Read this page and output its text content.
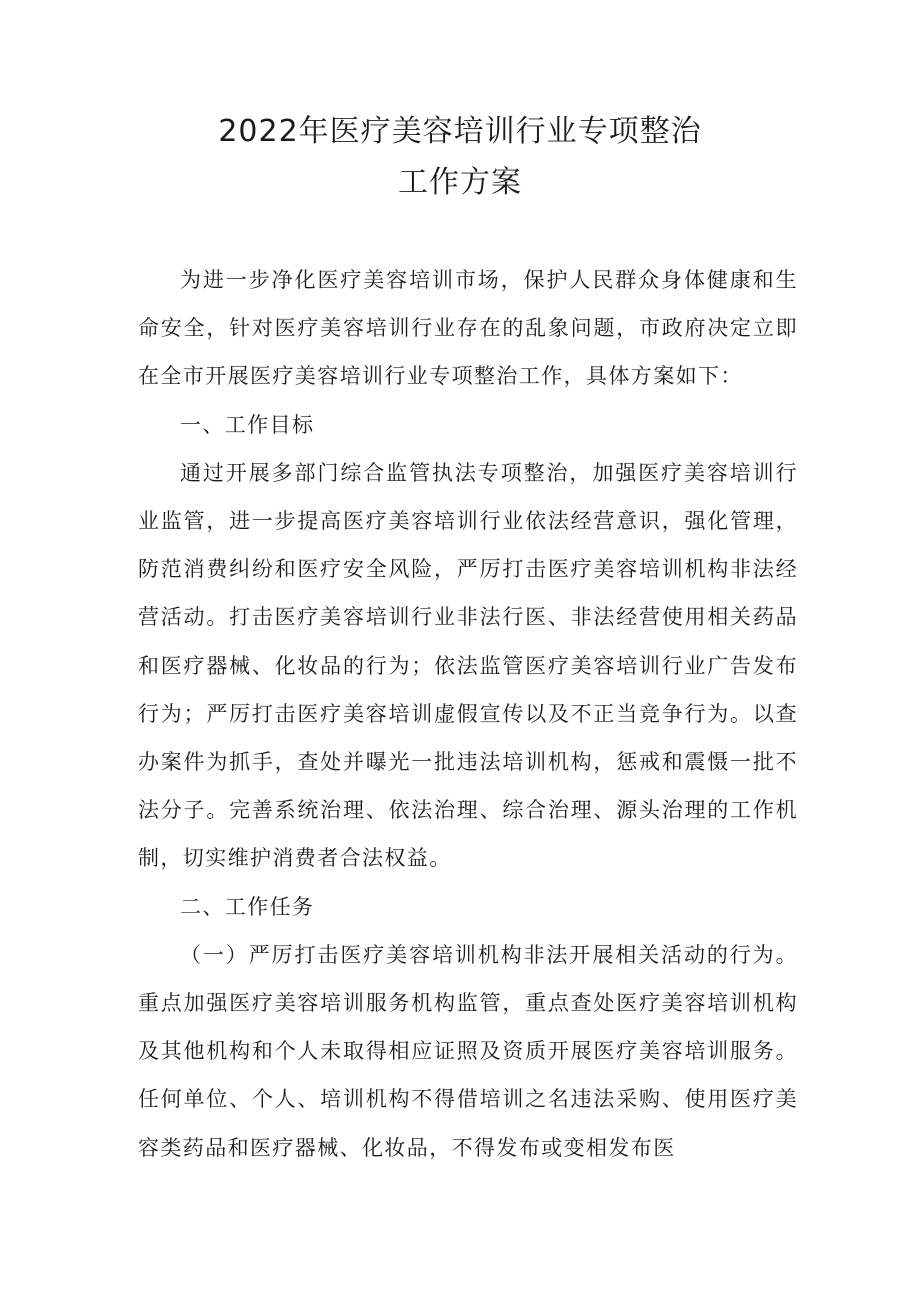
2022年医疗美容培训行业专项整治
工作方案

为进一步净化医疗美容培训市场，保护人民群众身体健康和生命安全，针对医疗美容培训行业存在的乱象问题，市政府决定立即在全市开展医疗美容培训行业专项整治工作，具体方案如下：

一、工作目标

通过开展多部门综合监管执法专项整治，加强医疗美容培训行业监管，进一步提高医疗美容培训行业依法经营意识，强化管理，防范消费纠纷和医疗安全风险，严厉打击医疗美容培训机构非法经营活动。打击医疗美容培训行业非法行医、非法经营使用相关药品和医疗器械、化妆品的行为；依法监管医疗美容培训行业广告发布行为；严厉打击医疗美容培训虚假宣传以及不正当竞争行为。以查办案件为抓手，查处并曝光一批违法培训机构，惩戒和震慑一批不法分子。完善系统治理、依法治理、综合治理、源头治理的工作机制，切实维护消费者合法权益。

二、工作任务

（一）严厉打击医疗美容培训机构非法开展相关活动的行为。重点加强医疗美容培训服务机构监管，重点查处医疗美容培训机构及其他机构和个人未取得相应证照及资质开展医疗美容培训服务。任何单位、个人、培训机构不得借培训之名违法采购、使用医疗美容类药品和医疗器械、化妆品，不得发布或变相发布医
